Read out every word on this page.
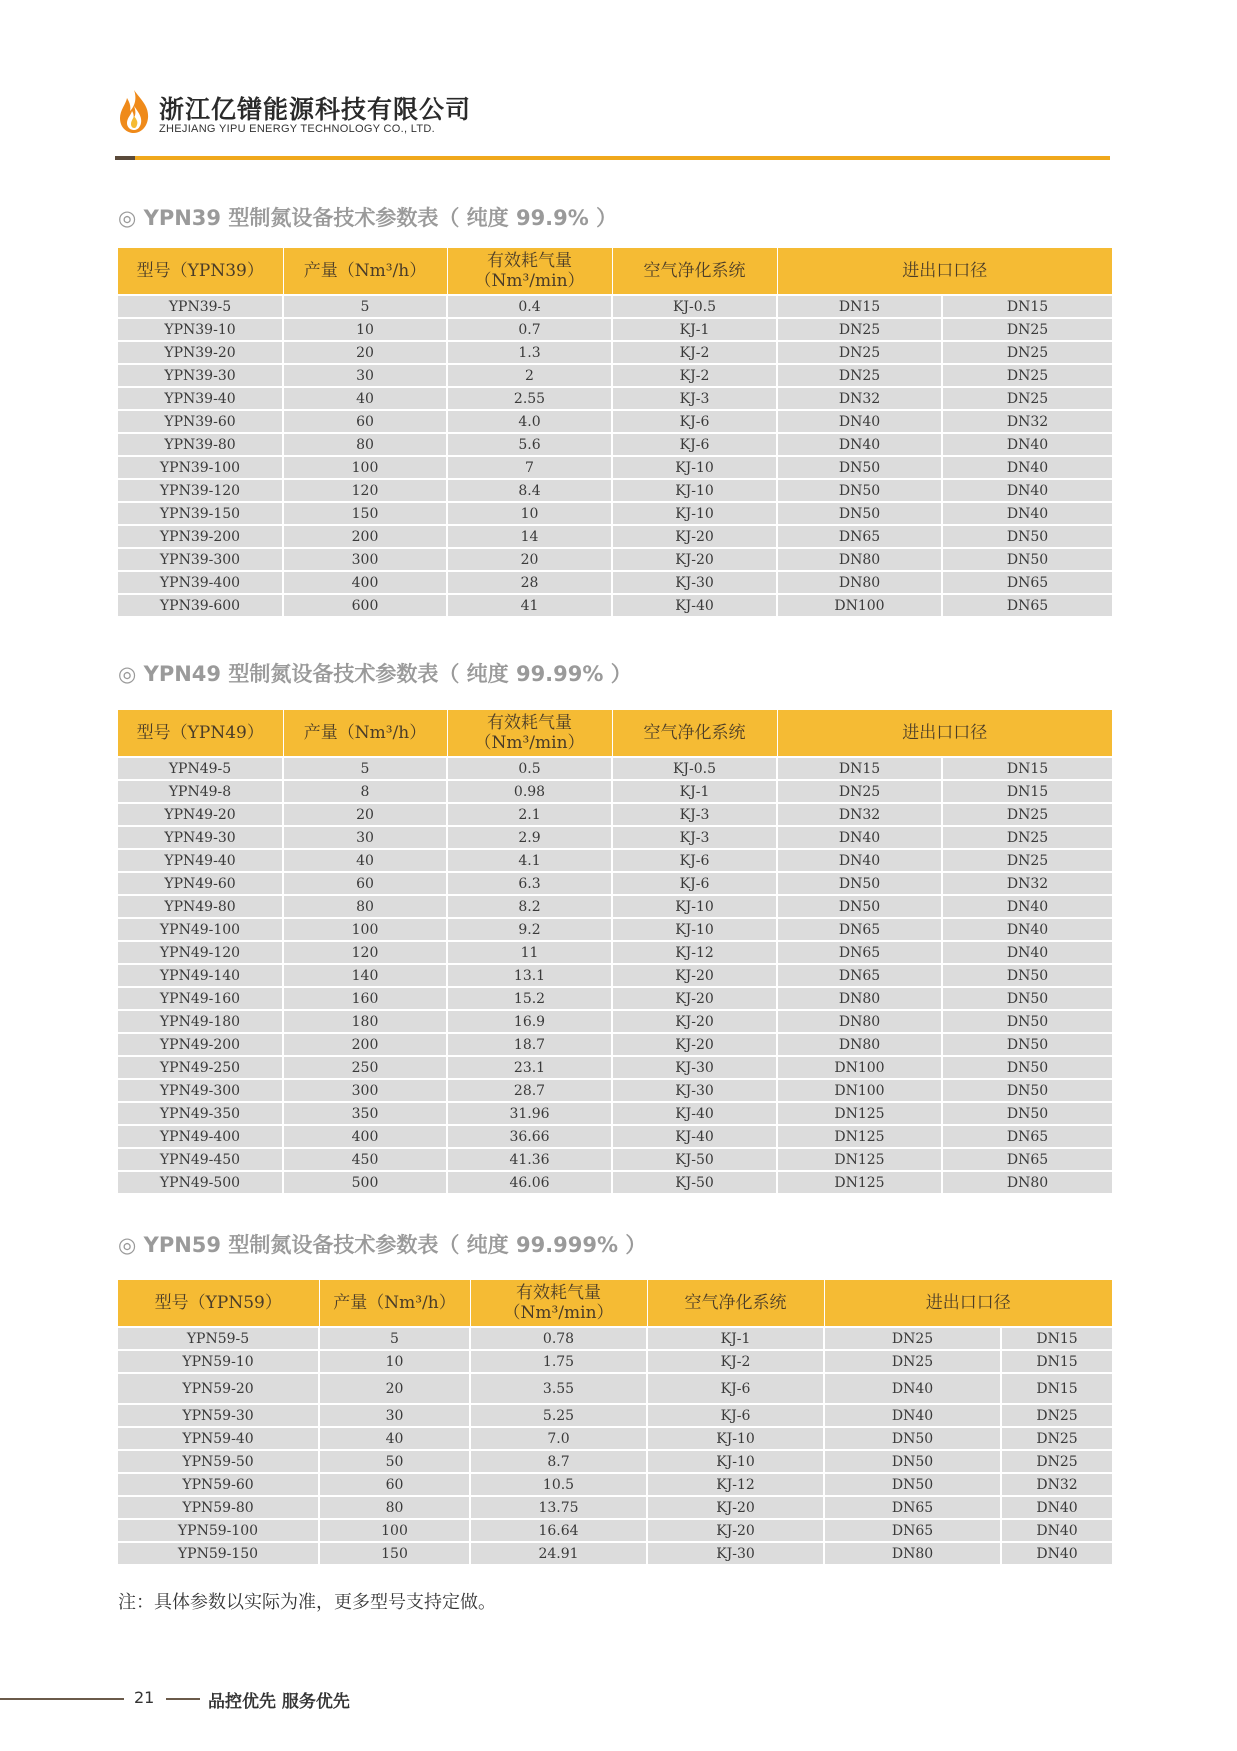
浙江亿镨能源科技有限公司
ZHEJIANG YIPU ENERGY TECHNOLOGY CO., LTD.
◎ YPN39 型制氮设备技术参数表（ 纯度 99.9% ）
型号（YPN39）	产量（Nm³/h）	有效耗气量
（Nm³/min）	空气净化系统	进出口口径	
YPN39-5	5	0.4	KJ-0.5	DN15	DN15
YPN39-10	10	0.7	KJ-1	DN25	DN25
YPN39-20	20	1.3	KJ-2	DN25	DN25
YPN39-30	30	2	KJ-2	DN25	DN25
YPN39-40	40	2.55	KJ-3	DN32	DN25
YPN39-60	60	4.0	KJ-6	DN40	DN32
YPN39-80	80	5.6	KJ-6	DN40	DN40
YPN39-100	100	7	KJ-10	DN50	DN40
YPN39-120	120	8.4	KJ-10	DN50	DN40
YPN39-150	150	10	KJ-10	DN50	DN40
YPN39-200	200	14	KJ-20	DN65	DN50
YPN39-300	300	20	KJ-20	DN80	DN50
YPN39-400	400	28	KJ-30	DN80	DN65
YPN39-600	600	41	KJ-40	DN100	DN65
◎ YPN49 型制氮设备技术参数表（ 纯度 99.99% ）
型号（YPN49）	产量（Nm³/h）	有效耗气量
（Nm³/min）	空气净化系统	进出口口径	
YPN49-5	5	0.5	KJ-0.5	DN15	DN15
YPN49-8	8	0.98	KJ-1	DN25	DN15
YPN49-20	20	2.1	KJ-3	DN32	DN25
YPN49-30	30	2.9	KJ-3	DN40	DN25
YPN49-40	40	4.1	KJ-6	DN40	DN25
YPN49-60	60	6.3	KJ-6	DN50	DN32
YPN49-80	80	8.2	KJ-10	DN50	DN40
YPN49-100	100	9.2	KJ-10	DN65	DN40
YPN49-120	120	11	KJ-12	DN65	DN40
YPN49-140	140	13.1	KJ-20	DN65	DN50
YPN49-160	160	15.2	KJ-20	DN80	DN50
YPN49-180	180	16.9	KJ-20	DN80	DN50
YPN49-200	200	18.7	KJ-20	DN80	DN50
YPN49-250	250	23.1	KJ-30	DN100	DN50
YPN49-300	300	28.7	KJ-30	DN100	DN50
YPN49-350	350	31.96	KJ-40	DN125	DN50
YPN49-400	400	36.66	KJ-40	DN125	DN65
YPN49-450	450	41.36	KJ-50	DN125	DN65
YPN49-500	500	46.06	KJ-50	DN125	DN80
◎ YPN59 型制氮设备技术参数表（ 纯度 99.999% ）
型号（YPN59）	产量（Nm³/h）	有效耗气量
（Nm³/min）	空气净化系统	进出口口径	
YPN59-5	5	0.78	KJ-1	DN25	DN15
YPN59-10	10	1.75	KJ-2	DN25	DN15
YPN59-20	20	3.55	KJ-6	DN40	DN15
YPN59-30	30	5.25	KJ-6	DN40	DN25
YPN59-40	40	7.0	KJ-10	DN50	DN25
YPN59-50	50	8.7	KJ-10	DN50	DN25
YPN59-60	60	10.5	KJ-12	DN50	DN32
YPN59-80	80	13.75	KJ-20	DN65	DN40
YPN59-100	100	16.64	KJ-20	DN65	DN40
YPN59-150	150	24.91	KJ-30	DN80	DN40

注：具体参数以实际为准，更多型号支持定做。

21	品控优先 服务优先
